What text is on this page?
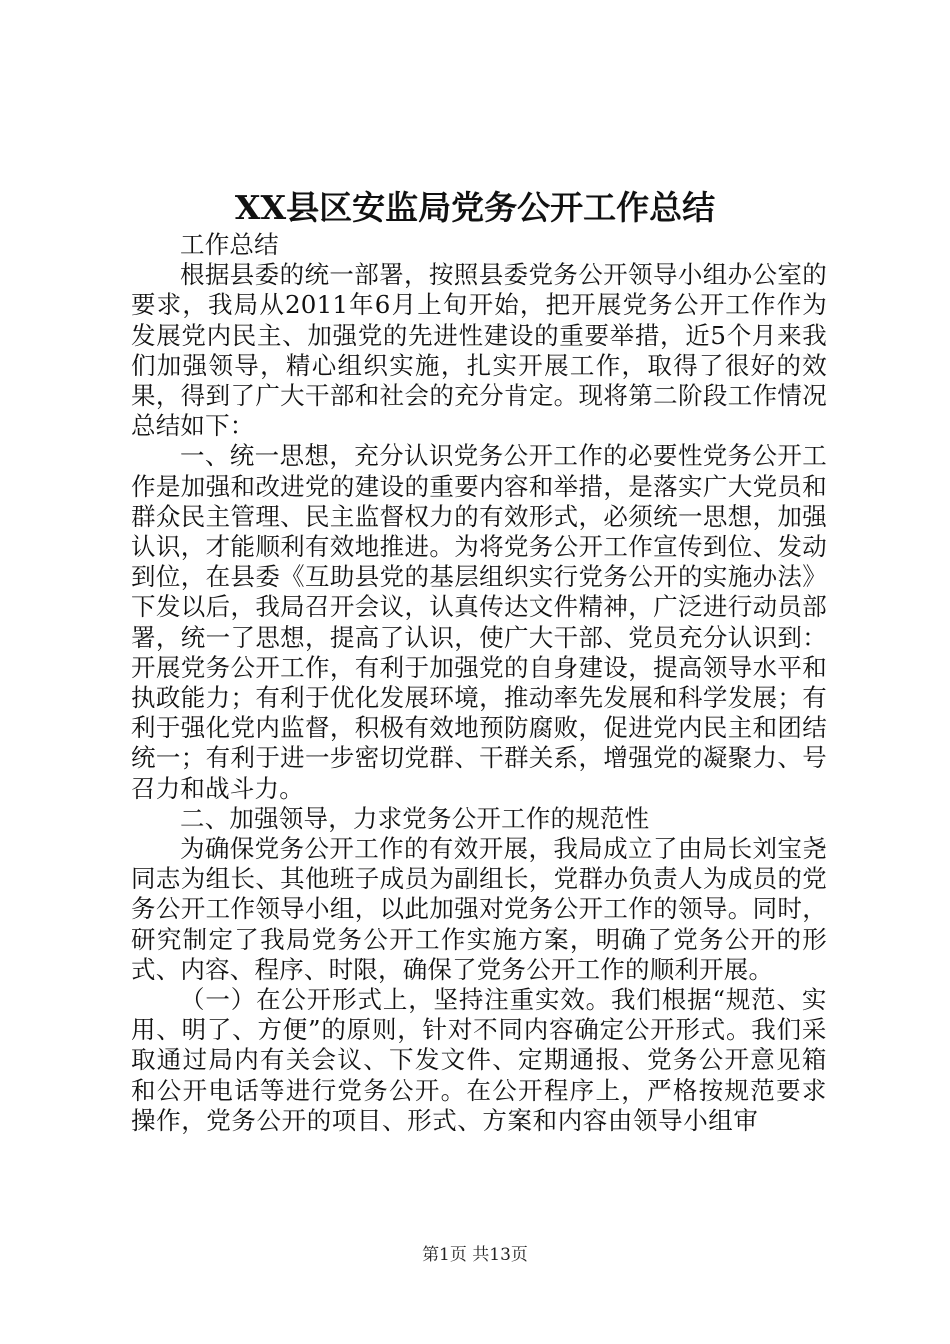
XX县区安监局党务公开工作总结

工作总结

根据县委的统一部署，按照县委党务公开领导小组办公室的要求，我局从2011年6月上旬开始，把开展党务公开工作作为发展党内民主、加强党的先进性建设的重要举措，近5个月来我们加强领导，精心组织实施，扎实开展工作，取得了很好的效果，得到了广大干部和社会的充分肯定。现将第二阶段工作情况总结如下：

一、统一思想，充分认识党务公开工作的必要性党务公开工作是加强和改进党的建设的重要内容和举措，是落实广大党员和群众民主管理、民主监督权力的有效形式，必须统一思想，加强认识，才能顺利有效地推进。为将党务公开工作宣传到位、发动到位，在县委《互助县党的基层组织实行党务公开的实施办法》下发以后，我局召开会议，认真传达文件精神，广泛进行动员部署，统一了思想，提高了认识，使广大干部、党员充分认识到：开展党务公开工作，有利于加强党的自身建设，提高领导水平和执政能力；有利于优化发展环境，推动率先发展和科学发展；有利于强化党内监督，积极有效地预防腐败，促进党内民主和团结统一；有利于进一步密切党群、干群关系，增强党的凝聚力、号召力和战斗力。

二、加强领导，力求党务公开工作的规范性

为确保党务公开工作的有效开展，我局成立了由局长刘宝尧同志为组长、其他班子成员为副组长，党群办负责人为成员的党务公开工作领导小组，以此加强对党务公开工作的领导。同时，研究制定了我局党务公开工作实施方案，明确了党务公开的形式、内容、程序、时限，确保了党务公开工作的顺利开展。

（一）在公开形式上，坚持注重实效。我们根据“规范、实用、明了、方便”的原则，针对不同内容确定公开形式。我们采取通过局内有关会议、下发文件、定期通报、党务公开意见箱和公开电话等进行党务公开。在公开程序上，严格按规范要求操作，党务公开的项目、形式、方案和内容由领导小组审

第1页 共13页
